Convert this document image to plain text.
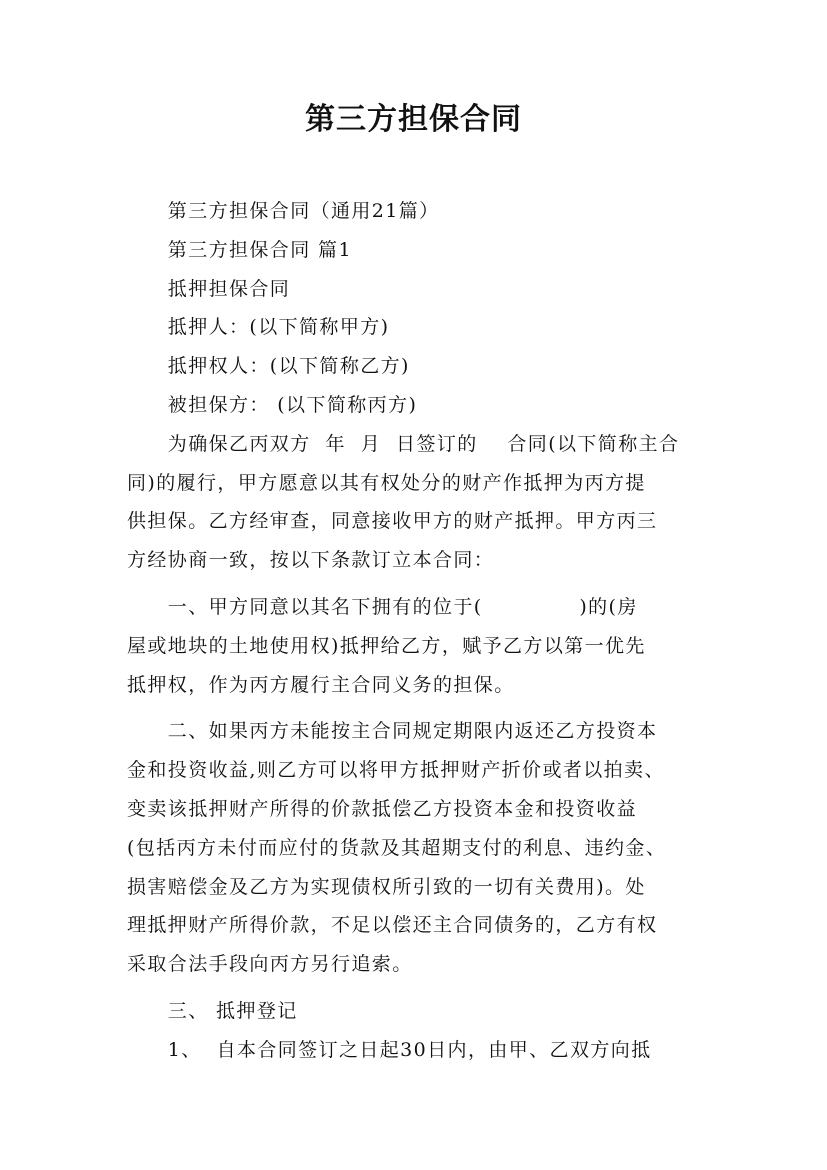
第三方担保合同
　　第三方担保合同（通用21篇）
　　第三方担保合同 篇1
　　抵押担保合同
　　抵押人：(以下简称甲方)
　　抵押权人：(以下简称乙方)
　　被担保方： (以下简称丙方)
　　为确保乙丙双方  年  月  日签订的    合同(以下简称主合
同)的履行，甲方愿意以其有权处分的财产作抵押为丙方提
供担保。乙方经审查，同意接收甲方的财产抵押。甲方丙三
方经协商一致，按以下条款订立本合同：
　　一、甲方同意以其名下拥有的位于(             )的(房
屋或地块的土地使用权)抵押给乙方，赋予乙方以第一优先
抵押权，作为丙方履行主合同义务的担保。
　　二、如果丙方未能按主合同规定期限内返还乙方投资本
金和投资收益,则乙方可以将甲方抵押财产折价或者以拍卖、
变卖该抵押财产所得的价款抵偿乙方投资本金和投资收益
(包括丙方未付而应付的货款及其超期支付的利息、违约金、
损害赔偿金及乙方为实现债权所引致的一切有关费用)。处
理抵押财产所得价款，不足以偿还主合同债务的，乙方有权
采取合法手段向丙方另行追索。
　　三、 抵押登记
　　1、  自本合同签订之日起30日内，由甲、乙双方向抵
